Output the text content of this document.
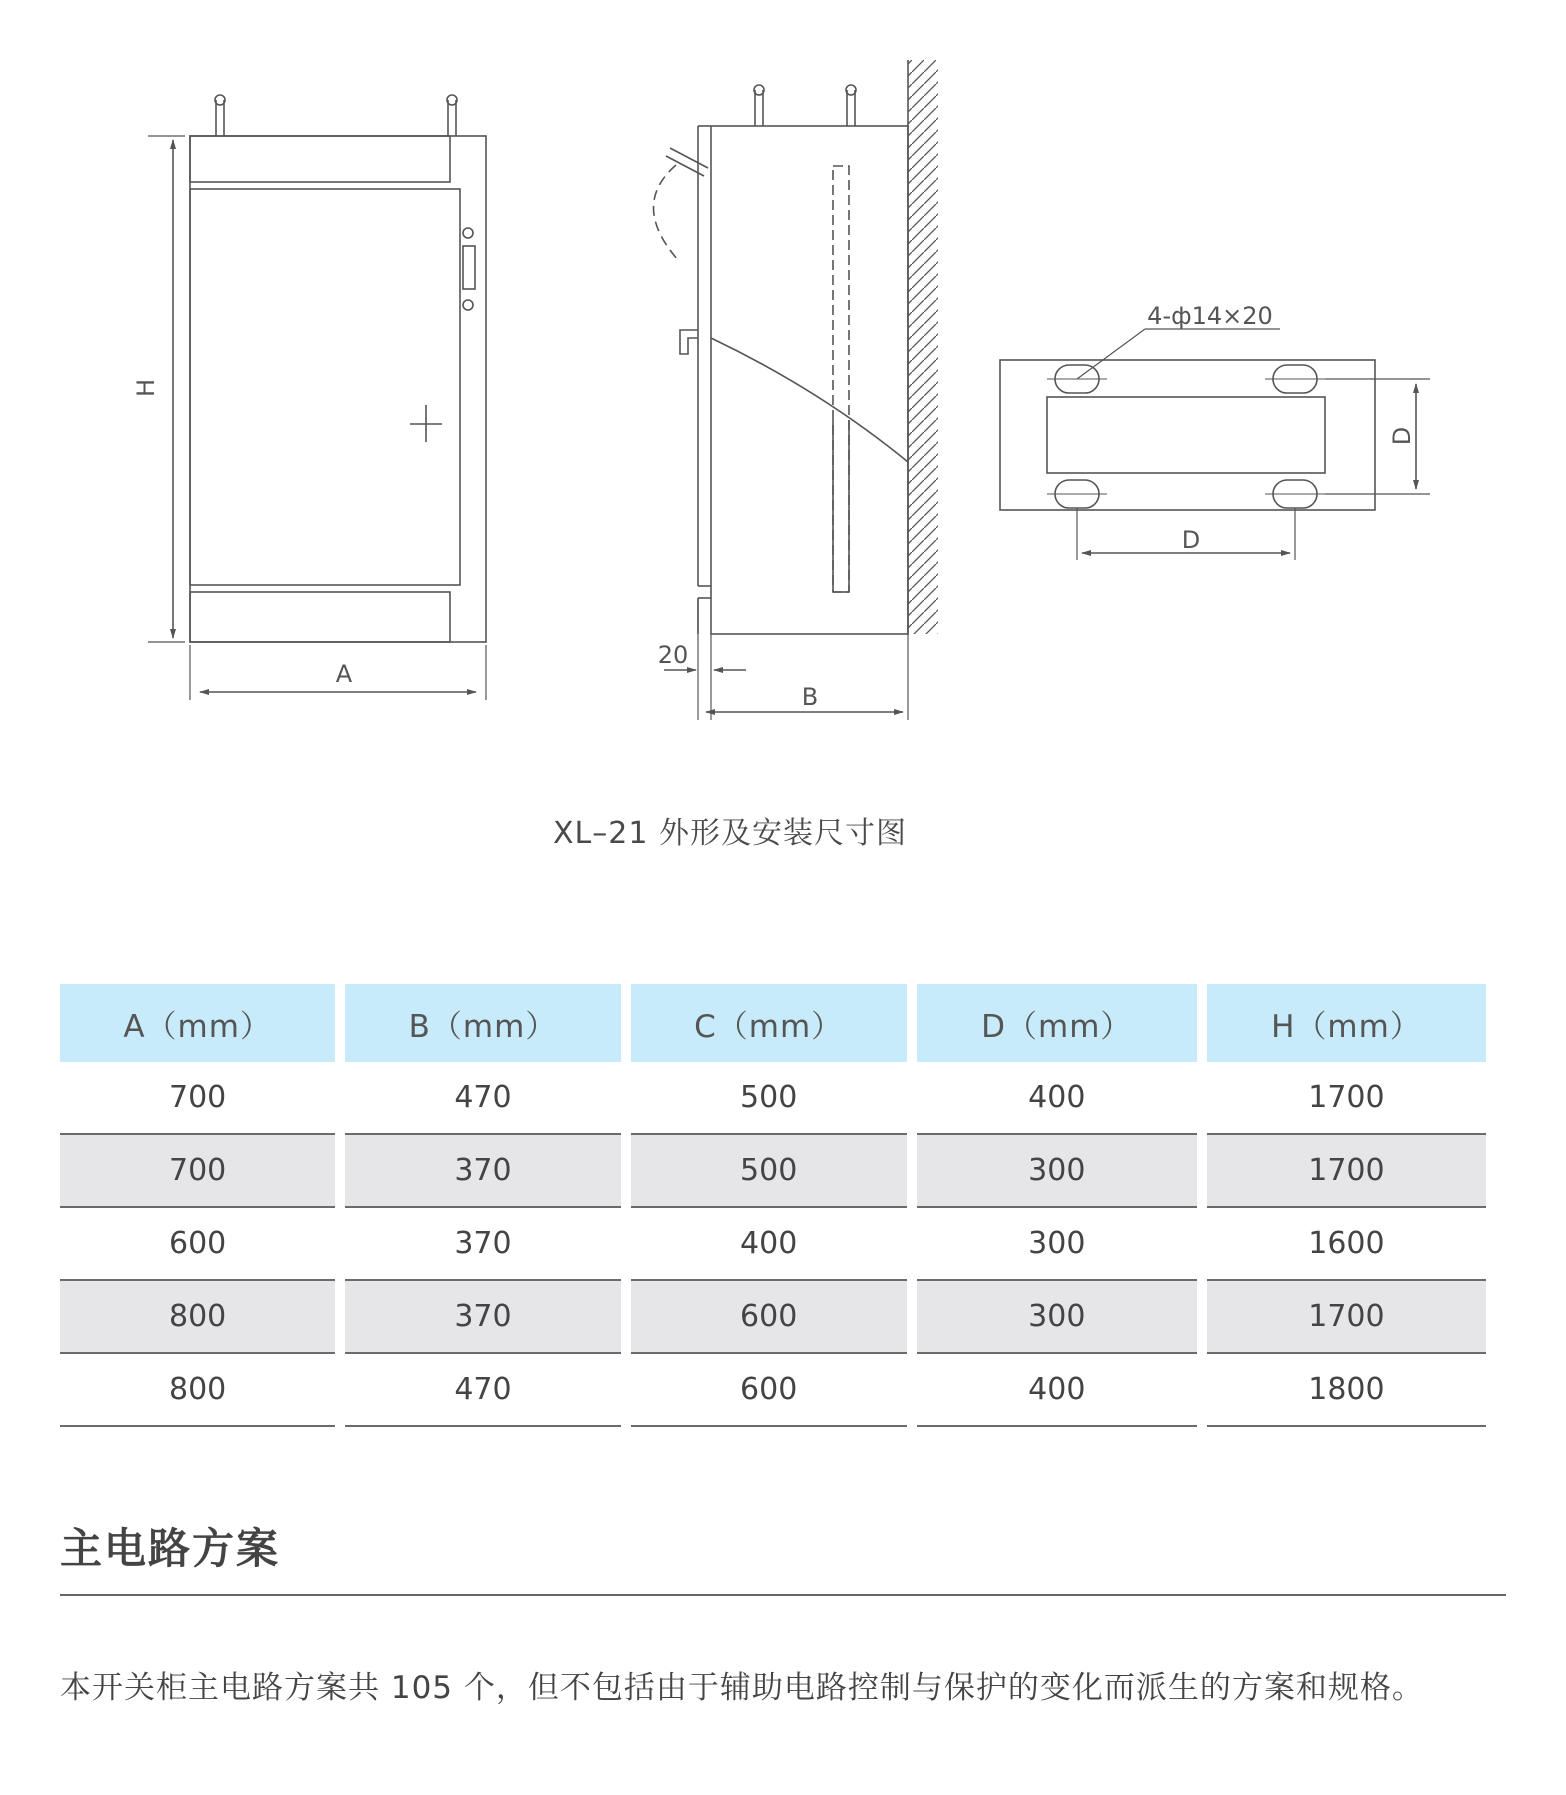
H
A
20
B
4-ф14×20
D
D
XL–21 外形及安装尺寸图
A（mm）	B（mm）	C（mm）	D（mm）	H（mm）
700	470	500	400	1700
700	370	500	300	1700
600	370	400	300	1600
800	370	600	300	1700
800	470	600	400	1800
主电路方案
本开关柜主电路方案共 105 个，但不包括由于辅助电路控制与保护的变化而派生的方案和规格。
